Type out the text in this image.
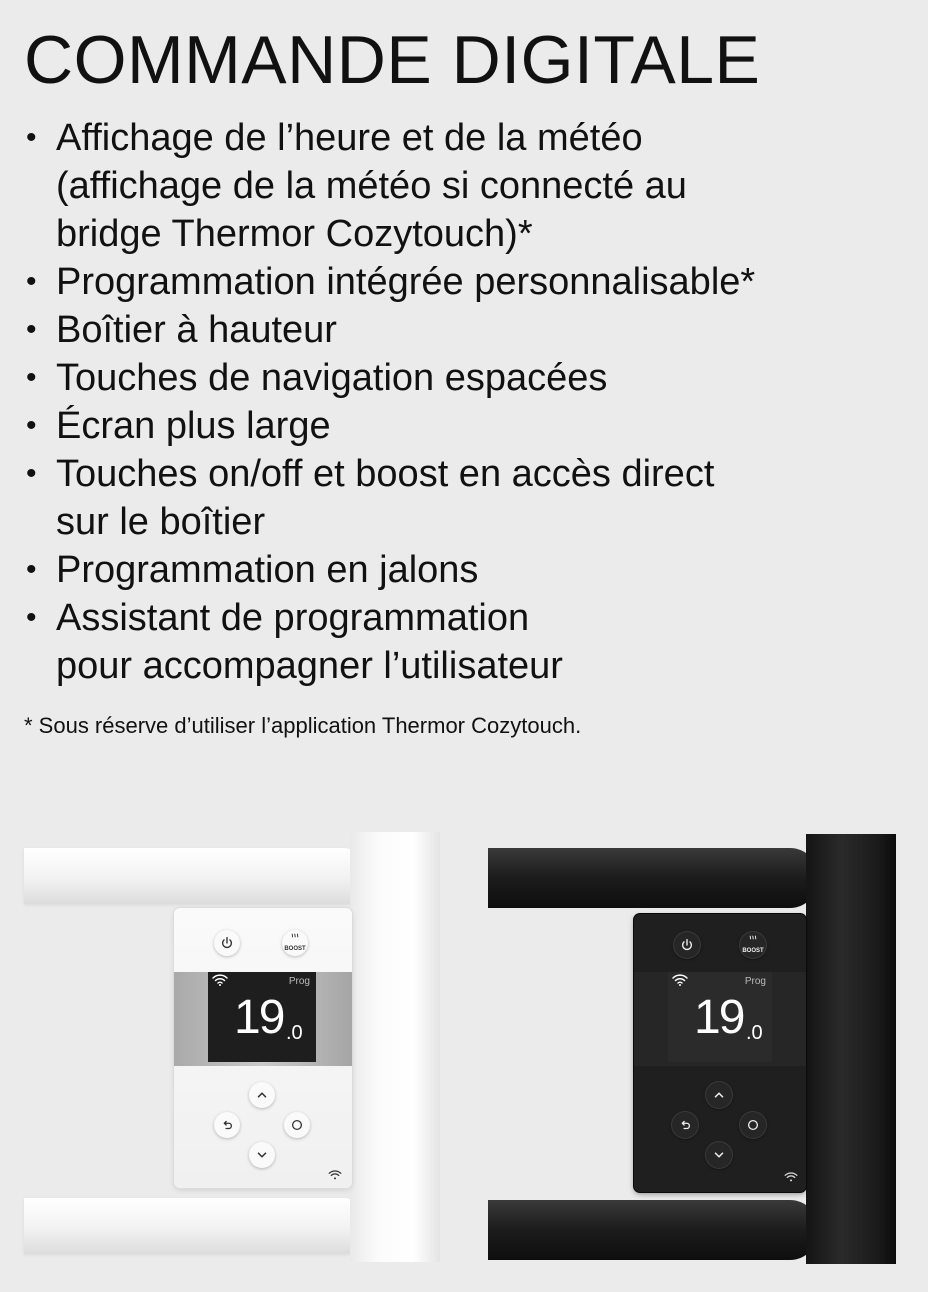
COMMANDE DIGITALE
• Affichage de l’heure et de la météo
(affichage de la météo si connecté au
bridge Thermor Cozytouch)*
• Programmation intégrée personnalisable*
• Boîtier à hauteur
• Touches de navigation espacées
• Écran plus large
• Touches on/off et boost en accès direct
sur le boîtier
• Programmation en jalons
• Assistant de programmation
pour accompagner l’utilisateur
* Sous réserve d’utiliser l’application Thermor Cozytouch.
BOOST
Prog
19 .0
BOOST
Prog
19 .0
